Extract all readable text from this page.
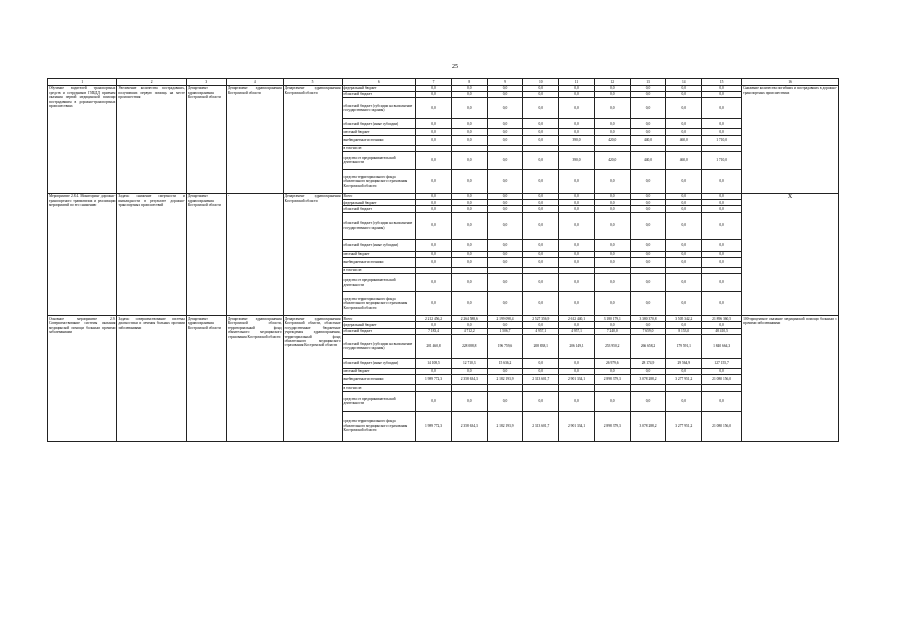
25
1	2	3	4	5	6	7	8	9	10	11	12	13	14	15	16
Обучение водителей транспортных средств и сотрудников ГИБДД приемам оказания первой медицинской помощи пострадавшим в дорожно-транспортных происшествиях	Увеличение количества пострадавших, получивших первую помощь на месте происшествия	Департамент здравоохранения Костромской области	Департамент здравоохранения Костромской области	Департамент здравоохранения Костромской области	федеральный бюджет	0,0	0,0	0,0	0,0	0,0	0,0	0,0	0,0	0,0	Снижение количества погибших и пострадавших в дорожно-транспортных происшествиях
					областной бюджет	0,0	0,0	0,0	0,0	0,0	0,0	0,0	0,0	0,0	
					областной бюджет (субсидии на выполнение государственного задания)	0,0	0,0	0,0	0,0	0,0	0,0	0,0	0,0	0,0	
					областной бюджет (иные субсидии)	0,0	0,0	0,0	0,0	0,0	0,0	0,0	0,0	0,0	
					местный бюджет	0,0	0,0	0,0	0,0	0,0	0,0	0,0	0,0	0,0	
					внебюджетные источники	0,0	0,0	0,0	0,0	390,0	420,0	440,0	460,0	1 710,0	
					в том числе:										
					средства от предпринимательской деятельности	0,0	0,0	0,0	0,0	390,0	420,0	440,0	460,0	1 710,0	
					средства территориального фонда обязательного медицинского страхования Костромской области	0,0	0,0	0,0	0,0	0,0	0,0	0,0	0,0	0,0	
Мероприятие 2.8.4. Мониторинг дорожно-транспортного травматизма и реализации мероприятий по его снижению	Задача: снижение смертности и инвалидности в результате дорожно-транспортных происшествий	Департамент здравоохранения Костромской области	-	Департамент здравоохранения Костромской области	Всего	0,0	0,0	0,0	0,0	0,0	0,0	0,0	0,0	0,0	X
					федеральный бюджет	0,0	0,0	0,0	0,0	0,0	0,0	0,0	0,0	0,0	
					областной бюджет	0,0	0,0	0,0	0,0	0,0	0,0	0,0	0,0	0,0	
					областной бюджет (субсидии на выполнение государственного задания)	0,0	0,0	0,0	0,0	0,0	0,0	0,0	0,0	0,0	
					областной бюджет (иные субсидии)	0,0	0,0	0,0	0,0	0,0	0,0	0,0	0,0	0,0	
					местный бюджет	0,0	0,0	0,0	0,0	0,0	0,0	0,0	0,0	0,0	
					внебюджетные источники	0,0	0,0	0,0	0,0	0,0	0,0	0,0	0,0	0,0	
					в том числе:										
					средства от предпринимательской деятельности	0,0	0,0	0,0	0,0	0,0	0,0	0,0	0,0	0,0	
					средства территориального фонда обязательного медицинского страхования Костромской области	0,0	0,0	0,0	0,0	0,0	0,0	0,0	0,0	0,0	
Основное мероприятие 2.9. Совершенствование системы оказания медицинской помощи больным прочими заболеваниями	Задача: совершенствование системы диагностики и лечения больных прочими заболеваниями	Департамент здравоохранения Костромской области	Департамент здравоохранения Костромской области, территориальный фонд обязательного медицинского страхования Костромской области	Департамент здравоохранения Костромской области, областные государственные бюджетные учреждения здравоохранения, территориальный фонд обязательного медицинского страхования Костромской области	Всего	2 212 456,2	2 264 588,6	2 199 098,4	2 527 356,9	2 612 440,1	3 180 179,1	3 380 370,8	3 505 342,2	21 896 360,5	100-процентное оказание медицинской помощи больным с прочими заболеваниями
					федеральный бюджет	0,0	0,0	0,0	0,0	0,0	0,0	0,0	0,0	0,0	
					областной бюджет	7 183,4	4 712,2	1 506,7	4 957,1	4 957,1	7 240,0	7 659,0	8 153,0	48 410,5	
					областной бюджет (субсидии на выполнение государственного задания)	201 460,8	228 088,8	196 759,6	208 838,1	206 149,1	253 950,2	266 658,2	179 591,1	1 840 664,3	
					областной бюджет (иные субсидии)	14 108,5	12 710,3	15 636,2	0,0	0,0	26 979,6	28 174,9	29 564,9	127 155,7	
					местный бюджет	0,0	0,0	0,0	0,0	0,0	0,0	0,0	0,0	0,0	
					внебюджетные источники	1 989 772,3	2 358 634,3	2 182 193,9	2 313 601,7	2 901 334,1	2 898 379,3	3 078 288,2	3 277 951,2	21 080 156,0	
					в том числе:										
					средства от предпринимательской деятельности	0,0	0,0	0,0	0,0	0,0	0,0	0,0	0,0	0,0	
					средства территориального фонда обязательного медицинского страхования Костромской области	1 989 772,3	2 358 634,3	2 182 193,9	2 313 601,7	2 901 334,1	2 898 379,3	3 078 288,2	3 277 951,2	21 080 156,0	
